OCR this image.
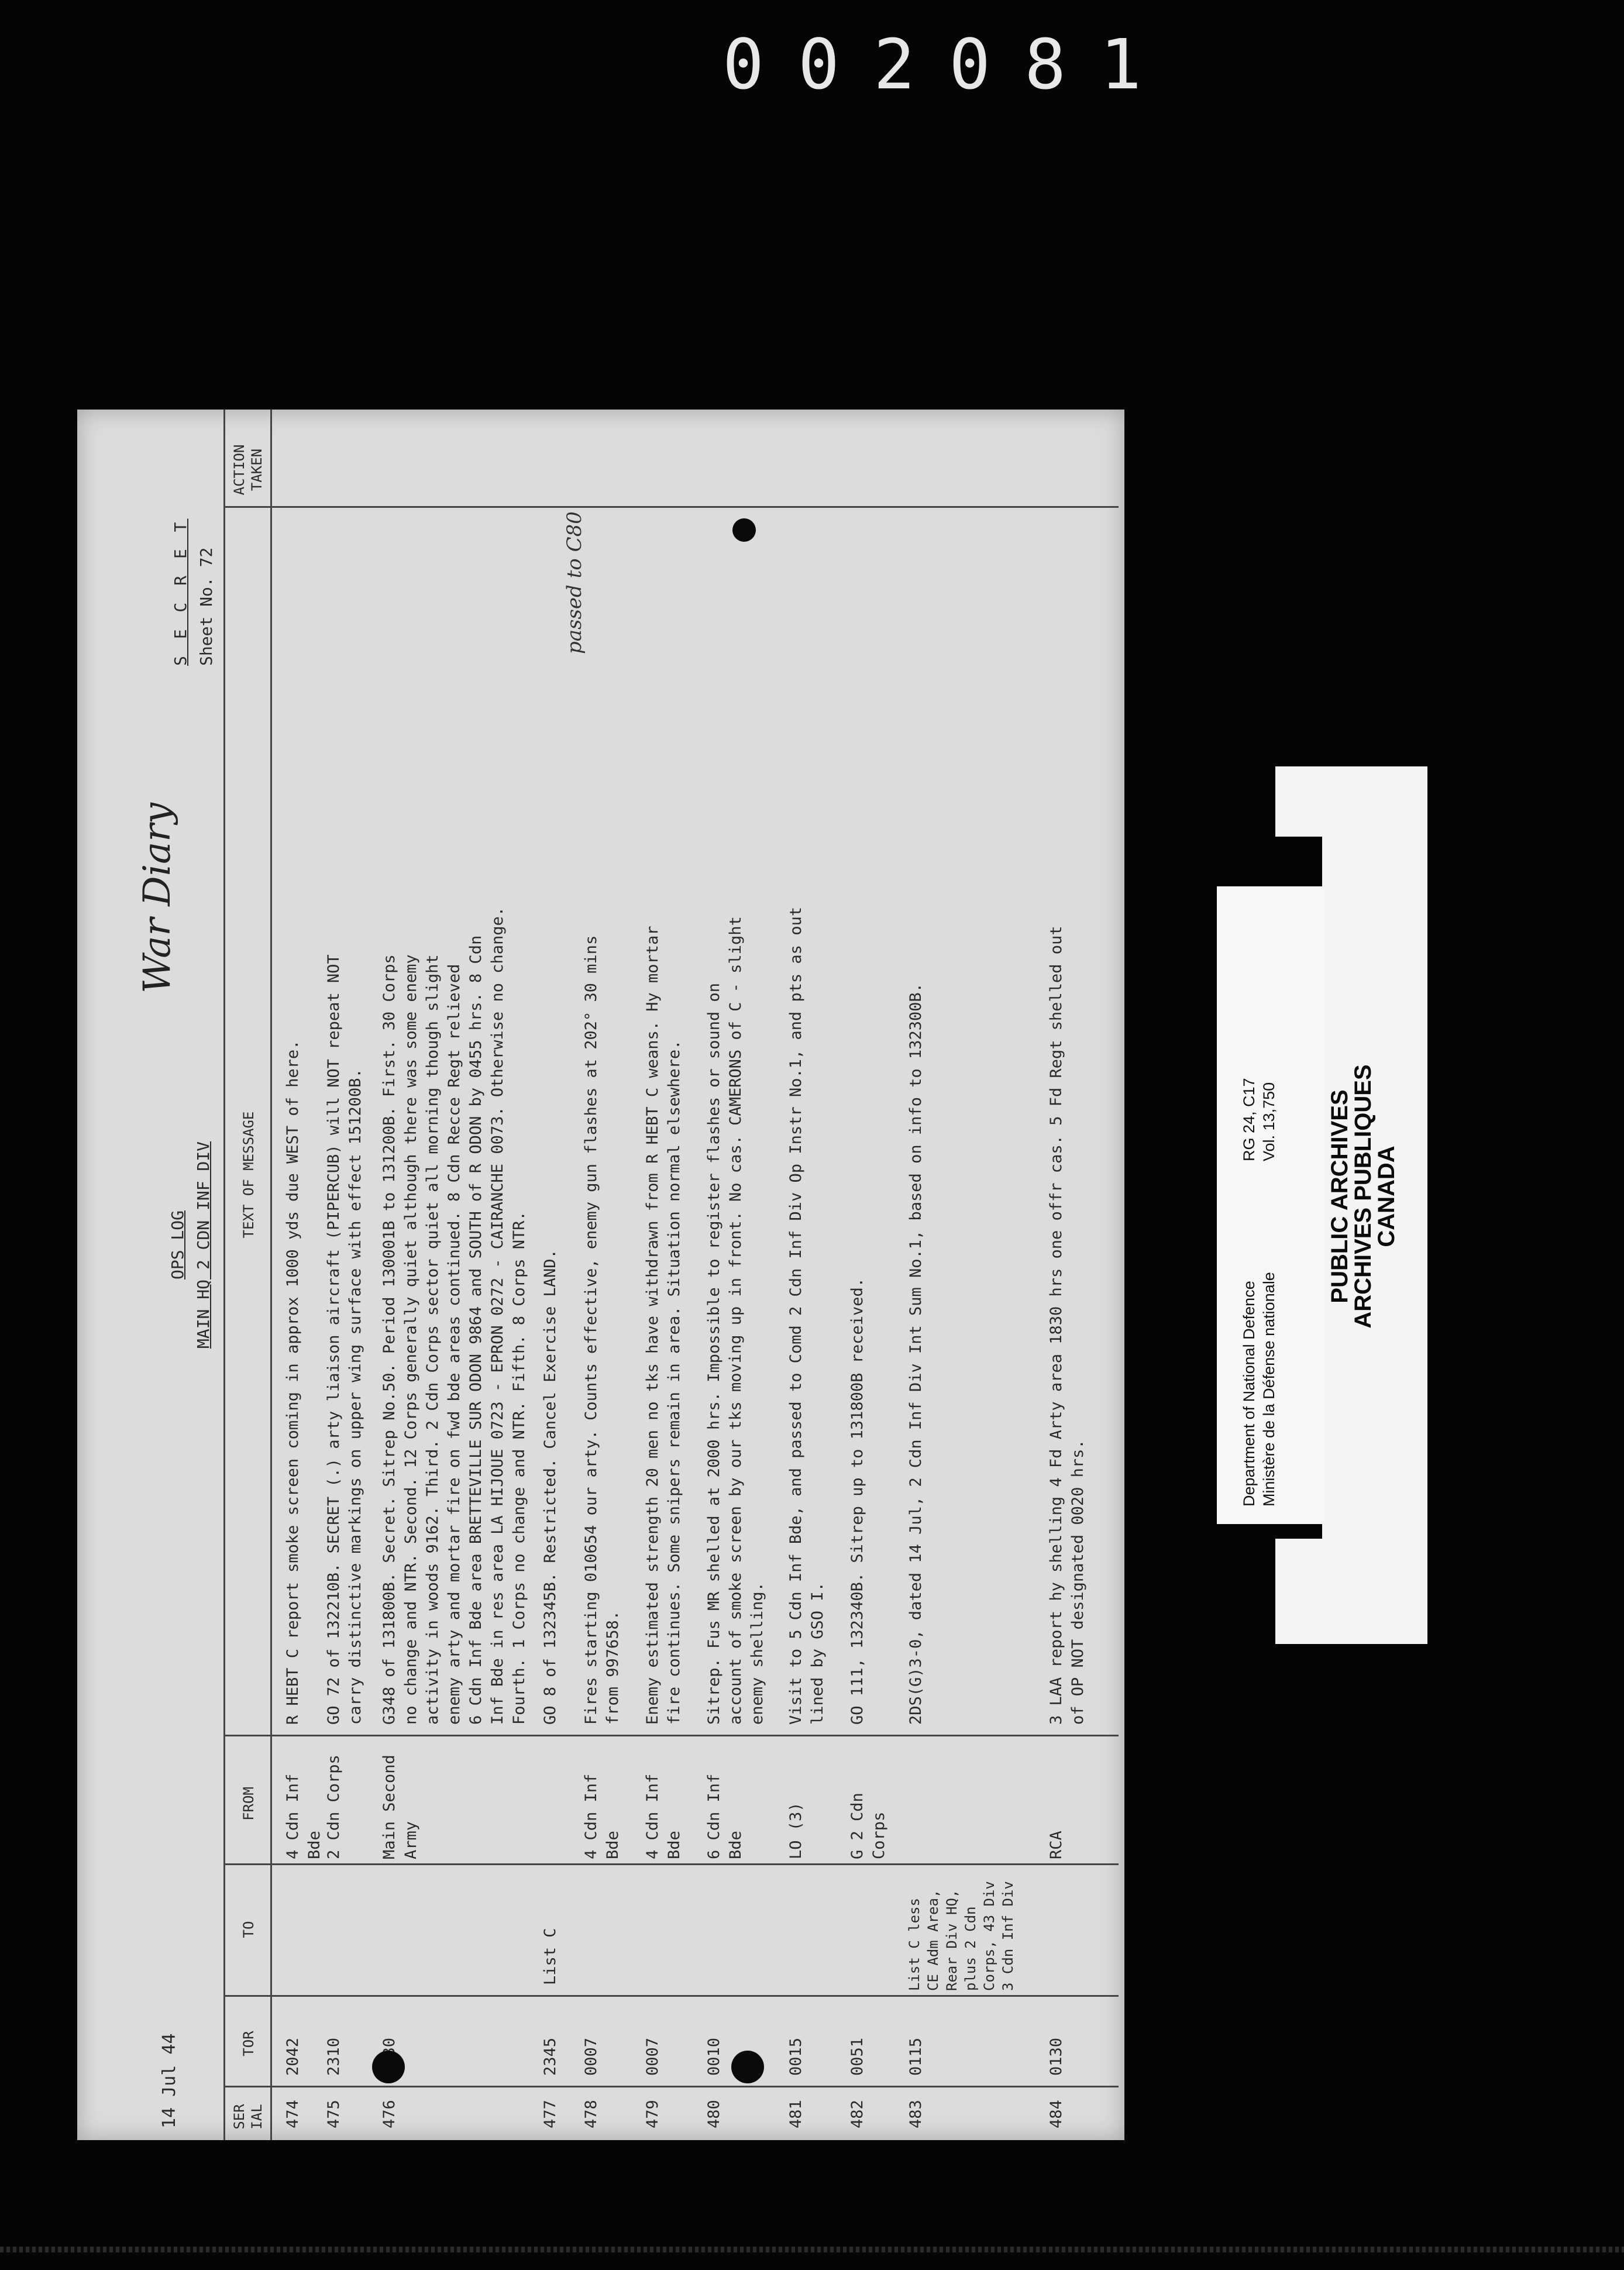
002081
14 Jul 44
OPS LOG MAIN HQ 2 CDN INF DIV
War Diary
S E C R E T Sheet No. 72
SER IAL
TOR
TO
FROM
TEXT OF MESSAGE
ACTION TAKEN
474
2042
4 Cdn Inf
Bde
R HEBT C report smoke screen coming in approx 1000 yds due WEST of here.
475
2310
2 Cdn Corps
GO 72 of 132210B. SECRET (.) arty liaison aircraft (PIPERCUB) will NOT repeat NOT
carry distinctive markings on upper wing surface with effect 151200B.
476
Main Second
Army
G348 of 131800B. Secret. Sitrep No.50. Period 130001B to 131200B. First. 30 Corps
no change and NTR. Second. 12 Corps generally quiet although there was some enemy
activity in woods 9162. Third. 2 Cdn Corps sector quiet all morning though slight
enemy arty and mortar fire on fwd bde areas continued. 8 Cdn Recce Regt relieved
6 Cdn Inf Bde area BRETTEVILLE SUR ODON 9864 and SOUTH of R ODON by 0455 hrs. 8 Cdn
Inf Bde in res area LA HIJOUE 0723 - EPRON 0272 - CAIRANCHE 0073. Otherwise no change.
Fourth. 1 Corps no change and NTR. Fifth. 8 Corps NTR.
477
2345
List C
GO 8 of 132345B. Restricted. Cancel Exercise LAND.
478
0007
4 Cdn Inf
Bde
Fires starting 010654 our arty. Counts effective, enemy gun flashes at 202° 30 mins
from 997658.
479
0007
4 Cdn Inf
Bde
Enemy estimated strength 20 men no tks have withdrawn from R HEBT C weans. Hy mortar
fire continues. Some snipers remain in area. Situation normal elsewhere.
480
0010
6 Cdn Inf
Bde
Sitrep. Fus MR shelled at 2000 hrs. Impossible to register flashes or sound on
account of smoke screen by our tks moving up in front. No cas. CAMERONS of C - slight
enemy shelling.
481
0015
LO (3)
Visit to 5 Cdn Inf Bde, and passed to Comd 2 Cdn Inf Div Op Instr No.1, and pts as out
lined by GSO I.
482
0051
G 2 Cdn
Corps
GO 111, 132340B. Sitrep up to 131800B received.
483
0115
List C less
CE Adm Area,
Rear Div HQ,
plus 2 Cdn
Corps, 43 Div
3 Cdn Inf Div
2DS(G)3-0, dated 14 Jul, 2 Cdn Inf Div Int Sum No.1, based on info to 132300B.
484
0130
RCA
3 LAA report hy shelling 4 Fd Arty area 1830 hrs one offr cas. 5 Fd Regt shelled out
of OP NOT designated 0020 hrs.
passed to C80
Department of National Defence Ministère de la Défense nationale
RG 24, C17 Vol. 13,750 PUBLIC ARCHIVES
ARCHIVES PUBLIQUES
CANADA
